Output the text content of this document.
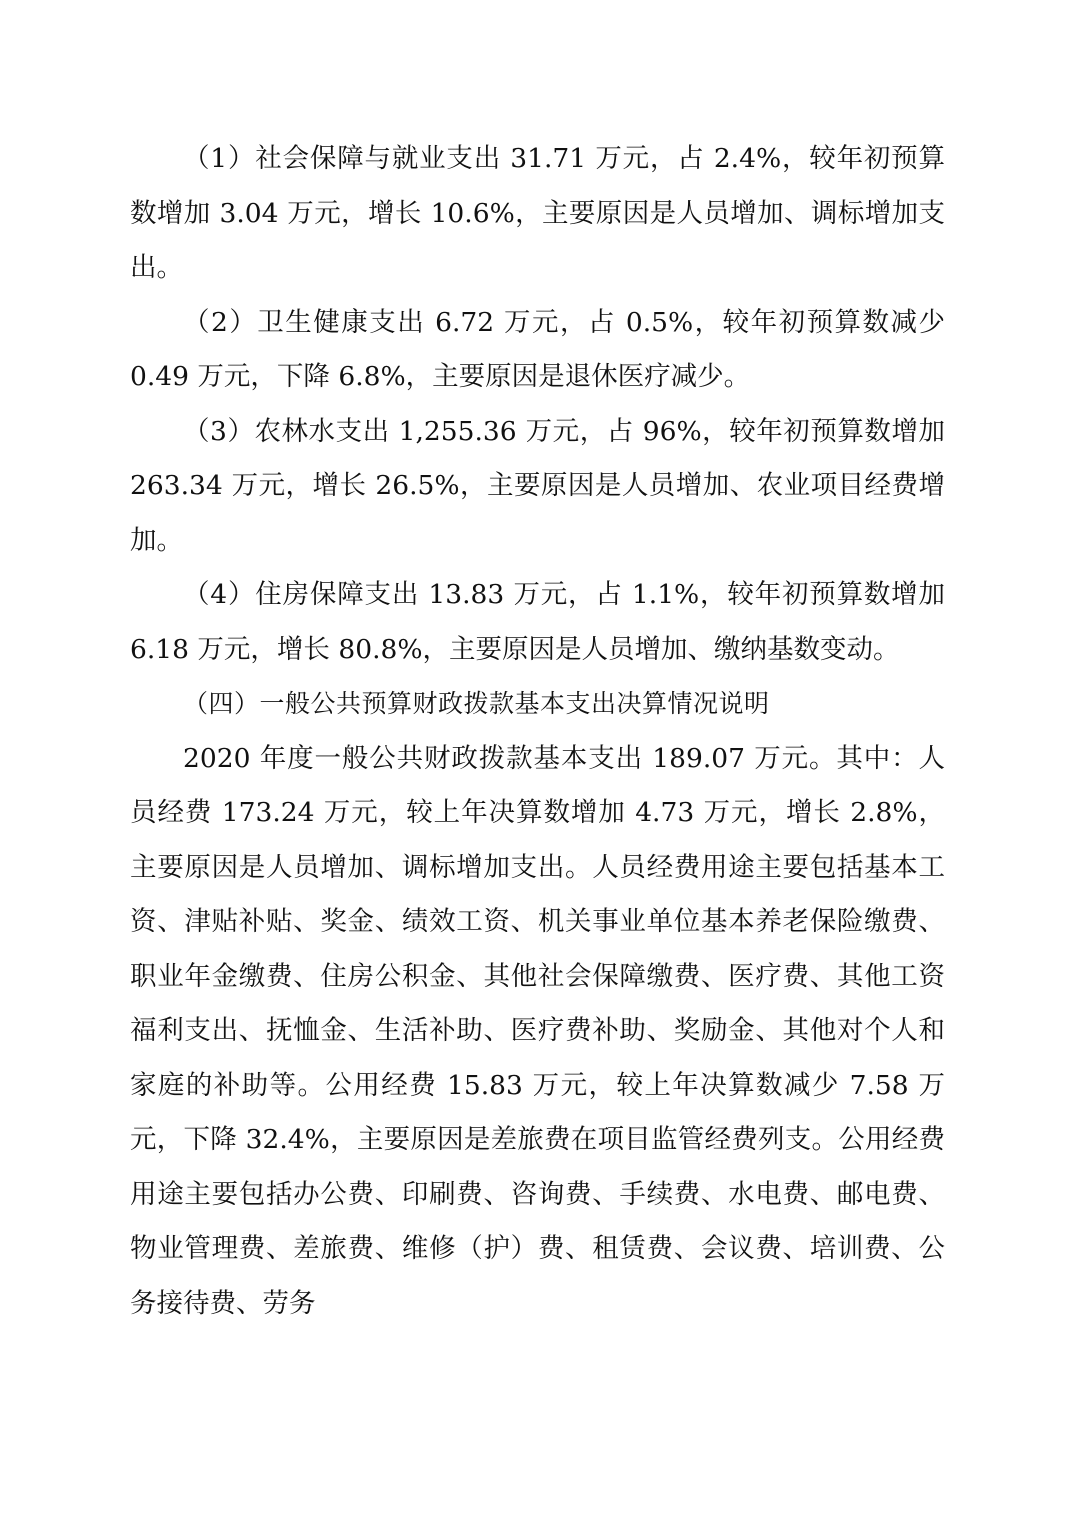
（1）社会保障与就业支出 31.71 万元，占 2.4%，较年初预算数增加 3.04 万元，增长 10.6%，主要原因是人员增加、调标增加支出。

（2）卫生健康支出 6.72 万元，占 0.5%，较年初预算数减少 0.49 万元，下降 6.8%，主要原因是退休医疗减少。

（3）农林水支出 1,255.36 万元，占 96%，较年初预算数增加 263.34 万元，增长 26.5%，主要原因是人员增加、农业项目经费增加。

（4）住房保障支出 13.83 万元，占 1.1%，较年初预算数增加 6.18 万元，增长 80.8%，主要原因是人员增加、缴纳基数变动。

（四）一般公共预算财政拨款基本支出决算情况说明

2020 年度一般公共财政拨款基本支出 189.07 万元。其中：人员经费 173.24 万元，较上年决算数增加 4.73 万元，增长 2.8%，主要原因是人员增加、调标增加支出。人员经费用途主要包括基本工资、津贴补贴、奖金、绩效工资、机关事业单位基本养老保险缴费、职业年金缴费、住房公积金、其他社会保障缴费、医疗费、其他工资福利支出、抚恤金、生活补助、医疗费补助、奖励金、其他对个人和家庭的补助等。公用经费 15.83 万元，较上年决算数减少 7.58 万元，下降 32.4%，主要原因是差旅费在项目监管经费列支。公用经费用途主要包括办公费、印刷费、咨询费、手续费、水电费、邮电费、物业管理费、差旅费、维修（护）费、租赁费、会议费、培训费、公务接待费、劳务
